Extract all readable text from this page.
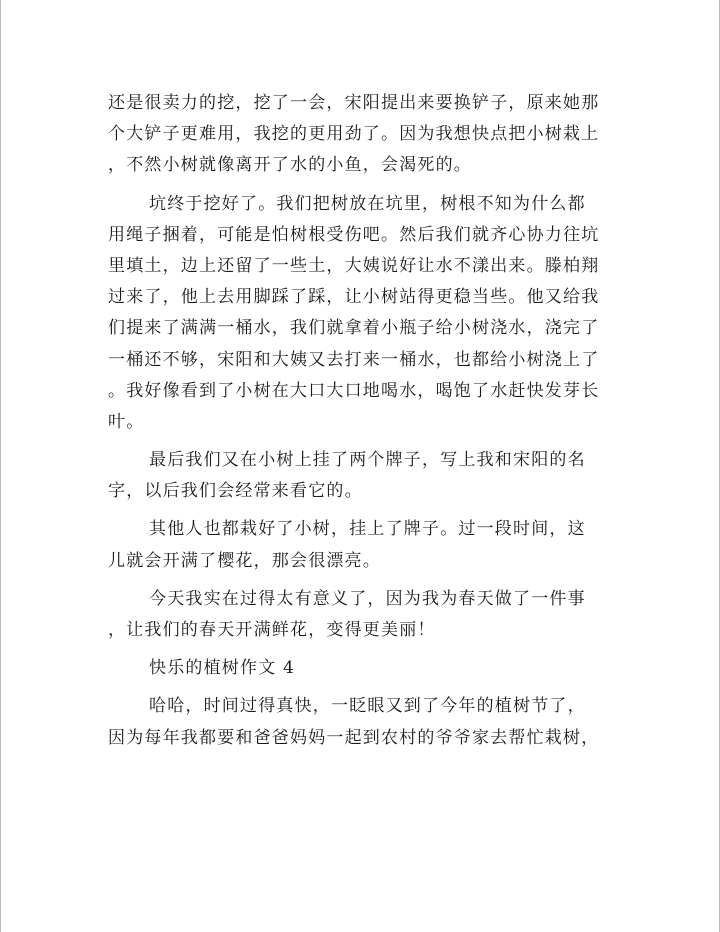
还是很卖力的挖，挖了一会，宋阳提出来要换铲子，原来她那
个大铲子更难用，我挖的更用劲了。因为我想快点把小树栽上
，不然小树就像离开了水的小鱼，会渴死的。
坑终于挖好了。我们把树放在坑里，树根不知为什么都
用绳子捆着，可能是怕树根受伤吧。然后我们就齐心协力往坑
里填土，边上还留了一些土，大姨说好让水不漾出来。滕柏翔
过来了，他上去用脚踩了踩，让小树站得更稳当些。他又给我
们提来了满满一桶水，我们就拿着小瓶子给小树浇水，浇完了
一桶还不够，宋阳和大姨又去打来一桶水，也都给小树浇上了
。我好像看到了小树在大口大口地喝水，喝饱了水赶快发芽长
叶。
最后我们又在小树上挂了两个牌子，写上我和宋阳的名
字，以后我们会经常来看它的。
其他人也都栽好了小树，挂上了牌子。过一段时间，这
儿就会开满了樱花，那会很漂亮。
今天我实在过得太有意义了，因为我为春天做了一件事
，让我们的春天开满鲜花，变得更美丽！
快乐的植树作文 4
哈哈，时间过得真快，一眨眼又到了今年的植树节了，
因为每年我都要和爸爸妈妈一起到农村的爷爷家去帮忙栽树，
